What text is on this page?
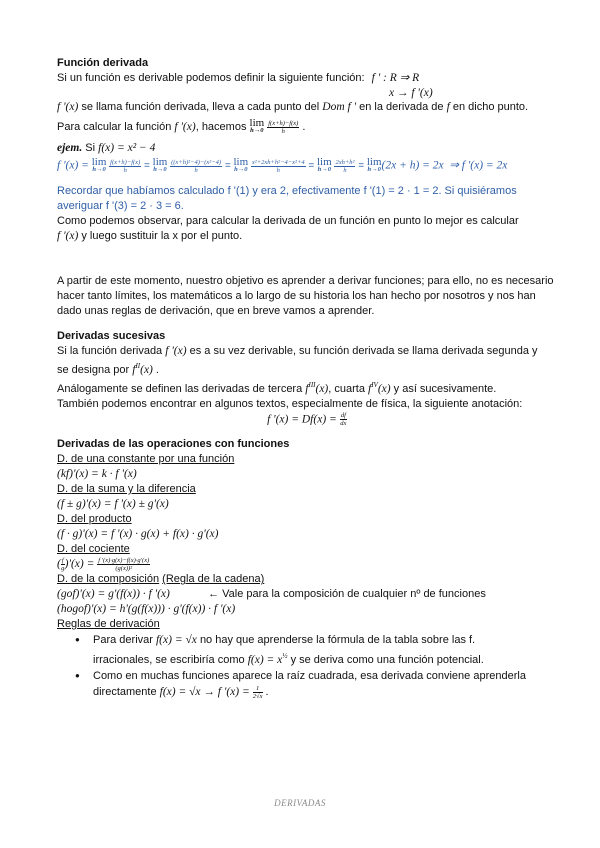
Función derivada
Si un función es derivable podemos definir la siguiente función: f ' : R ⇒ R
x → f '(x)
f '(x) se llama función derivada, lleva a cada punto del Dom f ' en la derivada de f en dicho punto.
Para calcular la función f '(x), hacemos lim
h→0
$\frac{f(x+h)-f(x)}{h}$ .
ejem. Si f(x) = x² − 4
f '(x) = lim
h→0
$\frac{f(x+h)-f(x)}{h} = \lim$
h→0
$\frac{\text{((x+h)²−4)−(x²−4)}}{h} = \lim$
h→0
$\frac{\text{x²+2xh+h²−4−x²+4}}{h} = \lim$
h→0
$\frac{\text{2xh+h²}}{h} = \lim$
h→0 (2x + h) = 2x ⇒ f '(x) = 2x
Recordar que habíamos calculado f '(1) y era 2, efectivamente f '(1) = 2 · 1 = 2. Si quisiéramos
averiguar f '(3) = 2 · 3 = 6.
Como podemos observar, para calcular la derivada de un función en punto lo mejor es calcular
f '(x) y luego sustituir la x por el punto.
A partir de este momento, nuestro objetivo es aprender a derivar funciones; para ello, no es necesario hacer tanto límites, los matemáticos a lo largo de su historia los han hecho por nosotros y nos han dado unas reglas de derivación, que en breve vamos a aprender.
Derivadas sucesivas
Si la función derivada f '(x) es a su vez derivable, su función derivada se llama derivada segunda y
se designa por $f^{II}(x)$ .
Análogamente se definen las derivadas de tercera $f^{III}(x)$, cuarta $f^{IV}(x)$ y así sucesivamente.
También podemos encontrar en algunos textos, especialmente de física, la siguiente anotación:
f '$(x) = Df(x) = \frac{df}{dx}$
Derivadas de las operaciones con funciones
D. de una constante por una función
(kf)'(x) = k · f '(x)
D. de la suma y la diferencia
(f ± g)'(x) = f '(x) ± g'(x)
D. del producto
(f · g)'(x) = f '(x) · g(x) + f(x) · g'(x)
D. del cociente
( $\frac{f}{g} )'(x) = \frac{f '(x)\cdot g(x)-f(x)\cdot g'(x)}{\text{(g(x))²}}$
D. de la composición (Regla de la cadena)
(gof)'(x) = g'(f(x)) · f '(x)	← Vale para la composición de cualquier nº de funciones
(hogof)'(x) = h'(g(f(x))) · g'(f(x)) · f '(x)
Reglas de derivación
● Para derivar f(x) = √x no hay que aprenderse la fórmula de la tabla sobre las f.
irracionales, se escribiría como $f(x) = x^{\frac{1}{2}}$ y se deriva como una función potencial.
● Como en muchas funciones aparece la raíz cuadrada, esa derivada conviene aprenderla
directamente f(x) = √x → f '$(x) = \frac{1}{2√x}$ .
DERIVADAS
